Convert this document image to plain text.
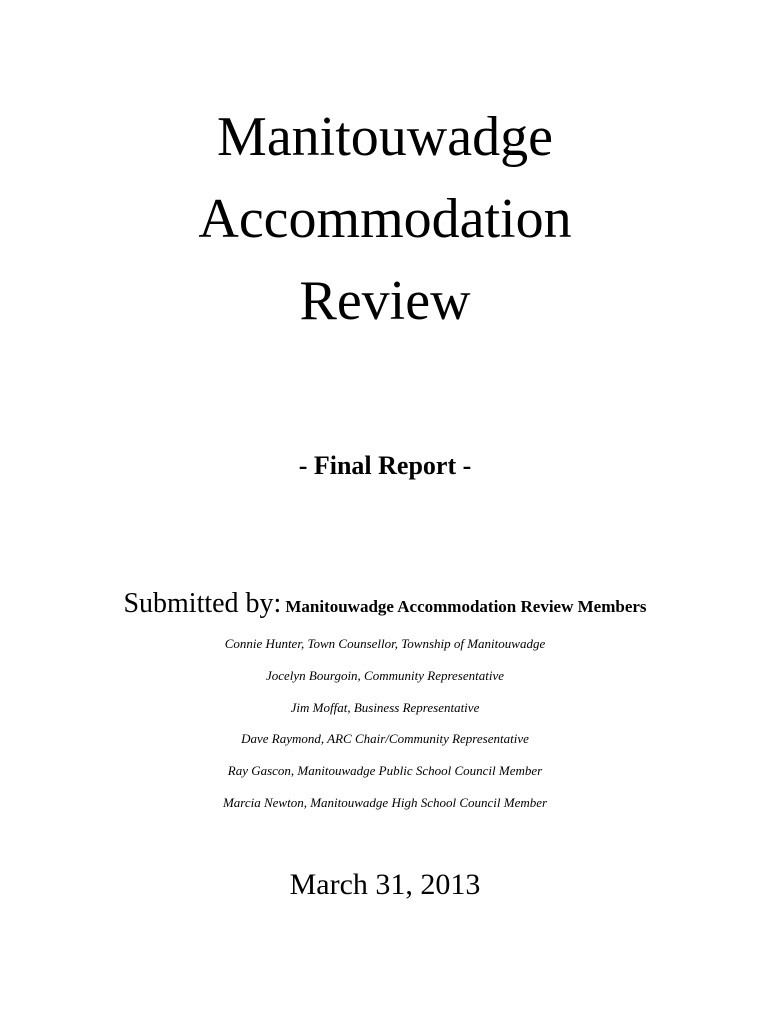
Manitouwadge
Accommodation
Review
- Final Report -
Submitted by: Manitouwadge Accommodation Review Members
Connie Hunter, Town Counsellor, Township of Manitouwadge
Jocelyn Bourgoin, Community Representative
Jim Moffat, Business Representative
Dave Raymond, ARC Chair/Community Representative
Ray Gascon, Manitouwadge Public School Council Member
Marcia Newton, Manitouwadge High School Council Member
March 31, 2013
